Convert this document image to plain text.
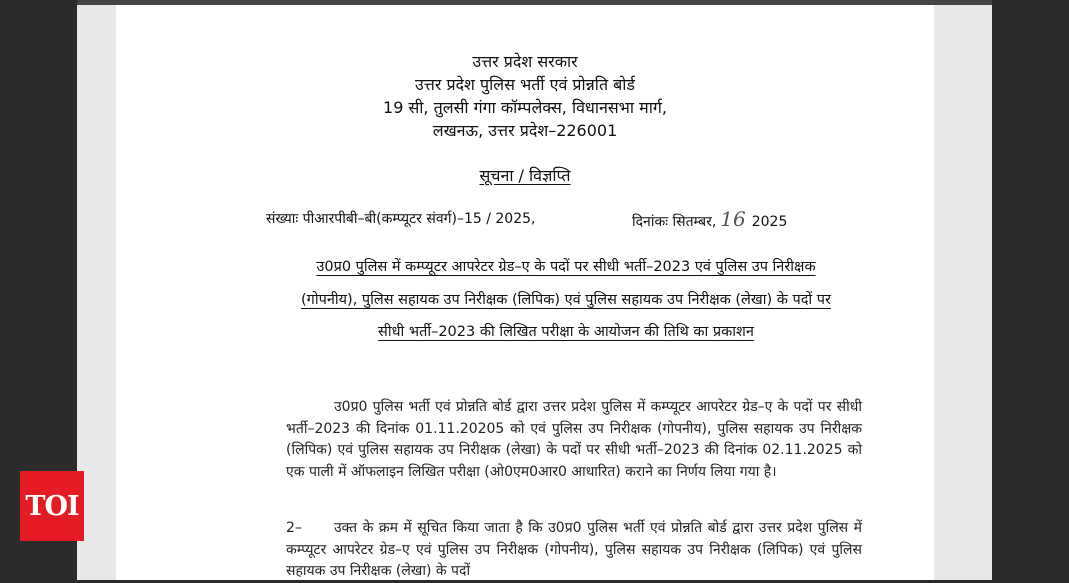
उत्तर प्रदेश सरकार
उत्तर प्रदेश पुलिस भर्ती एवं प्रोन्नति बोर्ड
19 सी, तुलसी गंगा कॉम्पलेक्स, विधानसभा मार्ग,
लखनऊ, उत्तर प्रदेश–226001
सूचना / विज्ञप्ति
संख्याः पीआरपीबी–बी(कम्प्यूटर संवर्ग)–15 / 2025,	दिनांकः सितम्बर, 16 2025
उ0प्र0 पुलिस में कम्प्यूटर आपरेटर ग्रेड–ए के पदों पर सीधी भर्ती–2023 एवं पुलिस उप निरीक्षक (गोपनीय), पुलिस सहायक उप निरीक्षक (लिपिक) एवं पुलिस सहायक उप निरीक्षक (लेखा) के पदों पर सीधी भर्ती–2023 की लिखित परीक्षा के आयोजन की तिथि का प्रकाशन
उ0प्र0 पुलिस भर्ती एवं प्रोन्नति बोर्ड द्वारा उत्तर प्रदेश पुलिस में कम्प्यूटर आपरेटर ग्रेड–ए के पदों पर सीधी भर्ती–2023 की दिनांक 01.11.20205 को एवं पुलिस उप निरीक्षक (गोपनीय), पुलिस सहायक उप निरीक्षक (लिपिक) एवं पुलिस सहायक उप निरीक्षक (लेखा) के पदों पर सीधी भर्ती–2023 की दिनांक 02.11.2025 को एक पाली में ऑफलाइन लिखित परीक्षा (ओ0एम0आर0 आधारित) कराने का निर्णय लिया गया है।
2– उक्त के क्रम में सूचित किया जाता है कि उ0प्र0 पुलिस भर्ती एवं प्रोन्नति बोर्ड द्वारा उत्तर प्रदेश पुलिस में कम्प्यूटर आपरेटर ग्रेड–ए एवं पुलिस उप निरीक्षक (गोपनीय), पुलिस सहायक उप निरीक्षक (लिपिक) एवं पुलिस सहायक उप निरीक्षक (लेखा) के पदों
TOI
